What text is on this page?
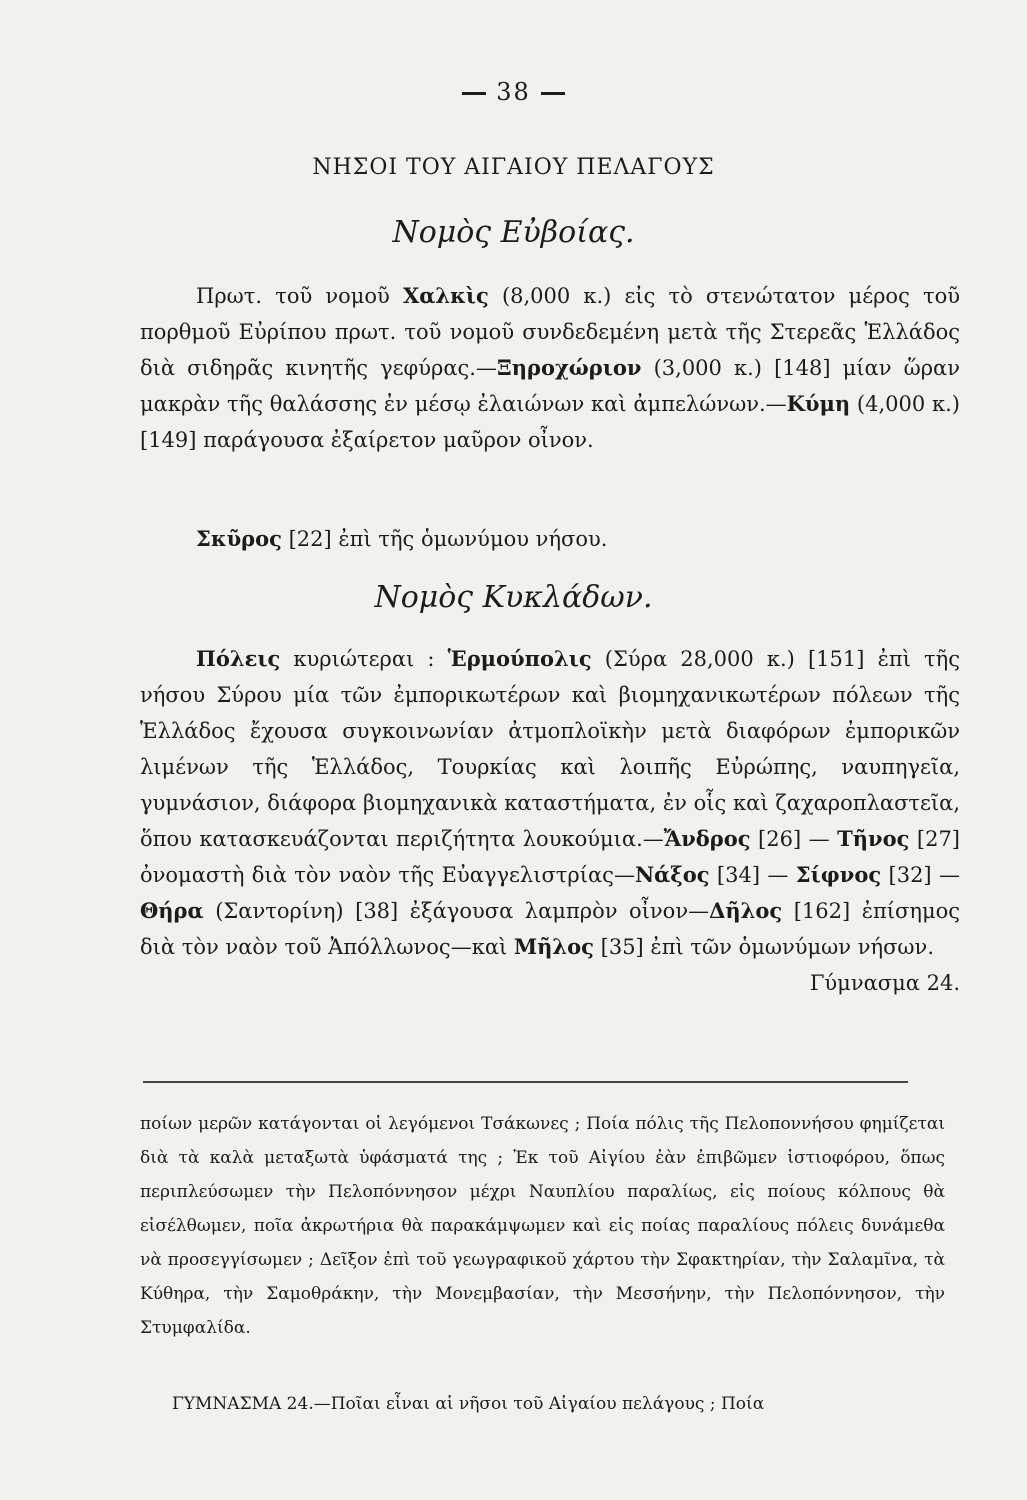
38
ΝΗΣΟΙ ΤΟΥ ΑΙΓΑΙΟΥ ΠΕΛΑΓΟΥΣ
Νομὸς Εὐβοίας.
Πρωτ. τοῦ νομοῦ Χαλκὶς (8,000 κ.) εἰς τὸ στενώτατον μέρος τοῦ πορθμοῦ Εὐρίπου πρωτ. τοῦ νομοῦ συνδεδεμένη μετὰ τῆς Στερεᾶς Ἑλλάδος διὰ σιδηρᾶς κινητῆς γεφύρας.—Ξηροχώριον (3,000 κ.) [148] μίαν ὥραν μακρὰν τῆς θαλάσσης ἐν μέσῳ ἐλαιώνων καὶ ἀμπελώνων.—Κύμη (4,000 κ.) [149] παράγουσα ἐξαίρετον μαῦρον οἶνον.
Σκῦρος [22] ἐπὶ τῆς ὁμωνύμου νήσου.
Νομὸς Κυκλάδων.
Πόλεις κυριώτεραι : Ἑρμούπολις (Σύρα 28,000 κ.) [151] ἐπὶ τῆς νήσου Σύρου μία τῶν ἐμπορικωτέρων καὶ βιομηχανικωτέρων πόλεων τῆς Ἑλλάδος ἔχουσα συγκοινωνίαν ἀτμοπλοϊκὴν μετὰ διαφόρων ἐμπορικῶν λιμένων τῆς Ἑλλάδος, Τουρκίας καὶ λοιπῆς Εὐρώπης, ναυπηγεῖα, γυμνάσιον, διάφορα βιομηχανικὰ καταστήματα, ἐν οἷς καὶ ζαχαροπλαστεῖα, ὅπου κατασκευάζονται περιζήτητα λουκούμια.—Ἄνδρος [26] — Τῆνος [27] ὀνομαστὴ διὰ τὸν ναὸν τῆς Εὐαγγελιστρίας—Νάξος [34] — Σίφνος [32] — Θήρα (Σαντορίνη) [38] ἐξάγουσα λαμπρὸν οἶνον—Δῆλος [162] ἐπίσημος διὰ τὸν ναὸν τοῦ Ἀπόλλωνος—καὶ Μῆλος [35] ἐπὶ τῶν ὁμωνύμων νήσων.
Γύμνασμα 24.
ποίων μερῶν κατάγονται οἱ λεγόμενοι Τσάκωνες ; Ποία πόλις τῆς Πελοποννήσου φημίζεται διὰ τὰ καλὰ μεταξωτὰ ὑφάσματά της ; Ἐκ τοῦ Αἰγίου ἐὰν ἐπιβῶμεν ἱστιοφόρου, ὅπως περιπλεύσωμεν τὴν Πελοπόννησον μέχρι Ναυπλίου παραλίως, εἰς ποίους κόλπους θὰ εἰσέλθωμεν, ποῖα ἀκρωτήρια θὰ παρακάμψωμεν καὶ εἰς ποίας παραλίους πόλεις δυνάμεθα νὰ προσεγγίσωμεν ; Δεῖξον ἐπὶ τοῦ γεωγραφικοῦ χάρτου τὴν Σφακτηρίαν, τὴν Σαλαμῖνα, τὰ Κύθηρα, τὴν Σαμοθράκην, τὴν Μονεμβασίαν, τὴν Μεσσήνην, τὴν Πελοπόννησον, τὴν Στυμφαλίδα.
ΓΥΜΝΑΣΜΑ 24.—Ποῖαι εἶναι αἱ νῆσοι τοῦ Αἰγαίου πελάγους ; Ποία
